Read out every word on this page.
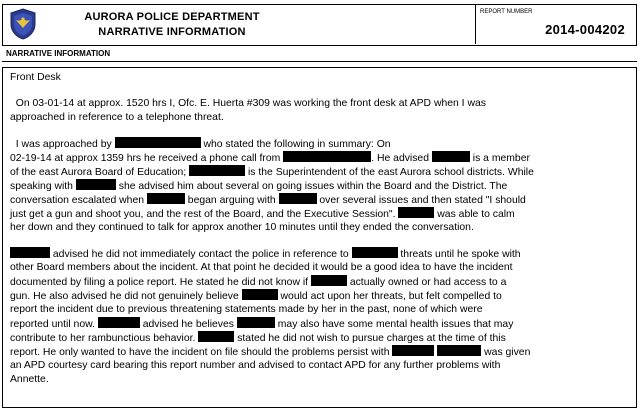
AURORA POLICE DEPARTMENT
NARRATIVE INFORMATION
REPORT NUMBER
2014-004202
NARRATIVE INFORMATION
Front Desk
On 03-01-14 at approx. 1520 hrs I, Ofc. E. Huerta #309 was working the front desk at APD when I was
approached in reference to a telephone threat.
I was approached by	who stated the following in summary: On
02-19-14 at approx 1359 hrs he received a phone call from	. He advised	is a member
of the east Aurora Board of Education;	is the Superintendent of the east Aurora school districts. While
speaking with	she advised him about several on going issues within the Board and the District. The
conversation escalated when	began arguing with	over several issues and then stated "I should
just get a gun and shoot you, and the rest of the Board, and the Executive Session".	was able to calm
her down and they continued to talk for approx another 10 minutes until they ended the conversation.
advised he did not immediately contact the police in reference to	threats until he spoke with
other Board members about the incident. At that point he decided it would be a good idea to have the incident
documented by filing a police report. He stated he did not know if	actually owned or had access to a
gun. He also advised he did not genuinely believe	would act upon her threats, but felt compelled to
report the incident due to previous threatening statements made by her in the past, none of which were
reported until now.	advised he believes	may also have some mental health issues that may
contribute to her rambunctious behavior.	stated he did not wish to pursue charges at the time of this
report. He only wanted to have the incident on file should the problems persist with	was given
an APD courtesy card bearing this report number and advised to contact APD for any further problems with
Annette.
